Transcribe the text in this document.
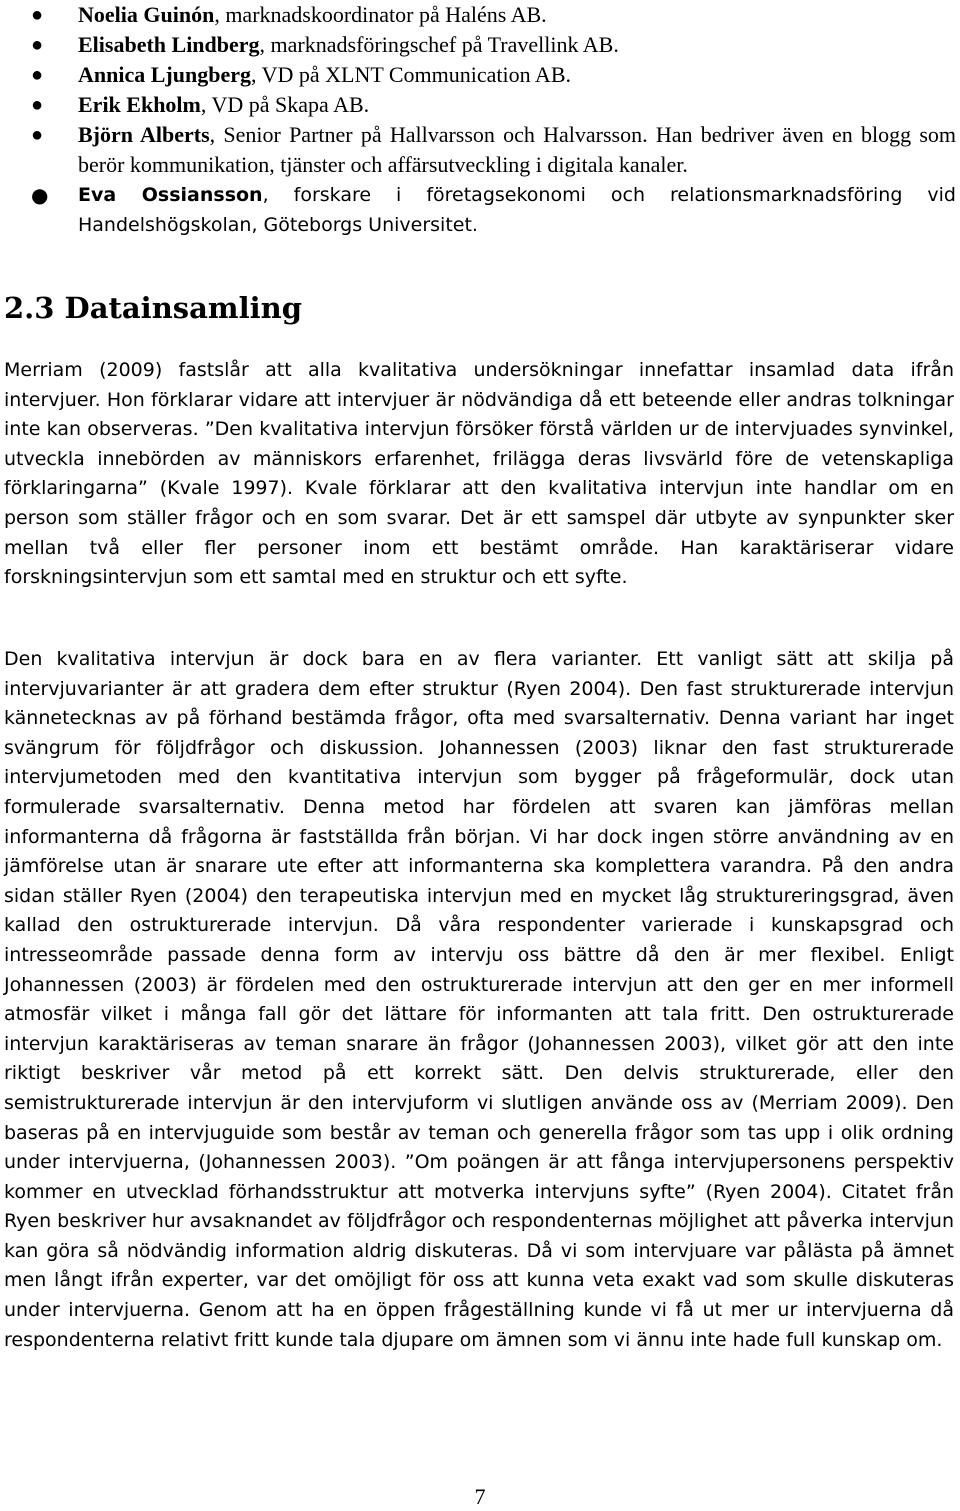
● Noelia Guinón, marknadskoordinator på Haléns AB.
● Elisabeth Lindberg, marknadsföringschef på Travellink AB.
● Annica Ljungberg, VD på XLNT Communication AB.
● Erik Ekholm, VD på Skapa AB.
● Björn Alberts, Senior Partner på Hallvarsson och Halvarsson. Han bedriver även en blogg som berör kommunikation, tjänster och affärsutveckling i digitala kanaler.
● Eva Ossiansson, forskare i företagsekonomi och relationsmarknadsföring vid Handelshögskolan, Göteborgs Universitet.
2.3 Datainsamling

Merriam (2009) fastslår att alla kvalitativa undersökningar innefattar insamlad data ifrån intervjuer. Hon förklarar vidare att intervjuer är nödvändiga då ett beteende eller andras tolkningar inte kan observeras. ”Den kvalitativa intervjun försöker förstå världen ur de intervjuades synvinkel, utveckla innebörden av människors erfarenhet, frilägga deras livsvärld före de vetenskapliga förklaringarna” (Kvale 1997). Kvale förklarar att den kvalitativa intervjun inte handlar om en person som ställer frågor och en som svarar. Det är ett samspel där utbyte av synpunkter sker mellan två eller fler personer inom ett bestämt område. Han karaktäriserar vidare forskningsintervjun som ett samtal med en struktur och ett syfte.

Den kvalitativa intervjun är dock bara en av flera varianter. Ett vanligt sätt att skilja på intervjuvarianter är att gradera dem efter struktur (Ryen 2004). Den fast strukturerade intervjun kännetecknas av på förhand bestämda frågor, ofta med svarsalternativ. Denna variant har inget svängrum för följdfrågor och diskussion. Johannessen (2003) liknar den fast strukturerade intervjumetoden med den kvantitativa intervjun som bygger på frågeformulär, dock utan formulerade svarsalternativ. Denna metod har fördelen att svaren kan jämföras mellan informanterna då frågorna är fastställda från början. Vi har dock ingen större användning av en jämförelse utan är snarare ute efter att informanterna ska komplettera varandra. På den andra sidan ställer Ryen (2004) den terapeutiska intervjun med en mycket låg struktureringsgrad, även kallad den ostrukturerade intervjun. Då våra respondenter varierade i kunskapsgrad och intresseområde passade denna form av intervju oss bättre då den är mer flexibel. Enligt Johannessen (2003) är fördelen med den ostrukturerade intervjun att den ger en mer informell atmosfär vilket i många fall gör det lättare för informanten att tala fritt. Den ostrukturerade intervjun karaktäriseras av teman snarare än frågor (Johannessen 2003), vilket gör att den inte riktigt beskriver vår metod på ett korrekt sätt. Den delvis strukturerade, eller den semistrukturerade intervjun är den intervjuform vi slutligen använde oss av (Merriam 2009). Den baseras på en intervjuguide som består av teman och generella frågor som tas upp i olik ordning under intervjuerna, (Johannessen 2003). ”Om poängen är att fånga intervjupersonens perspektiv kommer en utvecklad förhandsstruktur att motverka intervjuns syfte” (Ryen 2004). Citatet från Ryen beskriver hur avsaknandet av följdfrågor och respondenternas möjlighet att påverka intervjun kan göra så nödvändig information aldrig diskuteras. Då vi som intervjuare var pålästa på ämnet men långt ifrån experter, var det omöjligt för oss att kunna veta exakt vad som skulle diskuteras under intervjuerna. Genom att ha en öppen frågeställning kunde vi få ut mer ur intervjuerna då respondenterna relativt fritt kunde tala djupare om ämnen som vi ännu inte hade full kunskap om.

7
